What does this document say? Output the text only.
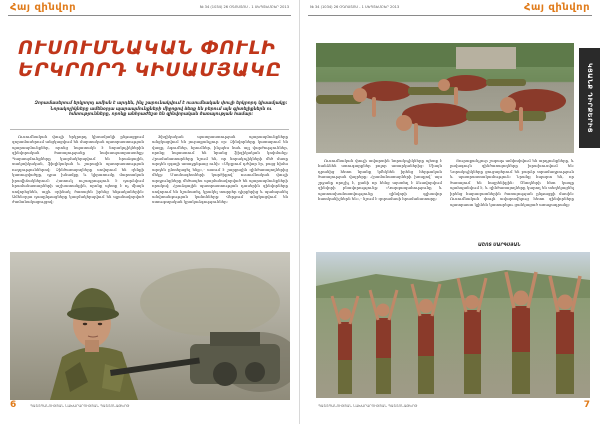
Հայ զինվոր	№ 34 (1034) 26 ՕԳՈՍՏՈՍ - 1 ՍԵՊՏԵՄԲԵՐ 2013
ՈՒՍՈՒՄՆԱԿԱՆ ՓՈՒԼԻ
ԵՐԿՐՈՐԴ ԿԻՍԱՄՅԱԿԸ
Զորամասերում երկրորդ ամիսն է արդեն, ինչ շարունակվում է ուսումնական փուլի երկրորդ կիսամյակը։ Նորակոչիկները ամենօրյա պարապմունքների միջոցով ձեռք են բերում այն գիտելիքներն ու հմտությունները, որոնք անհրաժեշտ են զինվորական ծառայության համար։

Ուսումնական փուլի երկրորդ կիսամյակի ընթացքում զորամասերում անցկացվում են մարտական պատրաստության պարապմունքներ, որոնց նպատակն է նորակոչիկներին զինվորական ծառայությանը նախապատրաստելը։ Պարապմունքները կազմակերպվում են հրաձգային, տակտիկական, ֆիզիկական և շարային պատրաստության ուղղություններով։ Զինծառայողները սովորում են զենքի կառուցվածքը, դրա խնամքը և կիրառումը մարտական իրավիճակներում։ Հատուկ ուշադրություն է դարձվում հրամանատարների աշխատանքին, որոնք պետք է ոչ միայն սովորեցնեն, այլև օրինակ ծառայեն իրենց ենթականերին։ Ամենօրյա դասընթացները կազմակերպվում են պլանավորված ժամանակացույցով։

Ֆիզիկական պատրաստության պարապմունքները անցկացվում են յուրաքանչյուր օր։ Զինվորները կատարում են վազք, ձգումներ, հրումներ, ինչպես նաև այլ վարժություններ, որոնք նպաստում են նրանց ֆիզիկական կոփմանը։ Հրամանատարները նշում են, որ նորակոչիկների մեծ մասը արդեն զգալի առաջընթաց ունի։ «Սկզբում դժվար էր, բայց հիմա արդեն ընտելացել ենք»,- ասում է շարքային զինծառայողներից մեկը։ Մասնագետների կարծիքով՝ ուսումնական փուլի արդյունքները մեծապես պայմանավորված են պարապմունքների որակով։ Հրաձգային պատրաստության դասերին զինվորները սովորում են նշանառել, կրակել տարբեր դիրքերից և պահպանել անվտանգության կանոնները։ Վերջում անցկացվում են ստուգողական կրակաձգություններ։

6	ՊԱՇՏՊԱՆՈՒԹՅԱՆ ՆԱԽԱՐԱՐՈՒԹՅԱՆ ՊԱՇՏՈՆԱԹԵՐԹ
№ 34 (1034) 26 ՕԳՈՍՏՈՍ - 1 ՍԵՊՏԵՄԲԵՐ 2013	Հայ զինվոր
ԿՅԱՆՔ ԴԻՐՔԵՐԻՑ

Ուսումնական փուլի ավարտին նորակոչիկները պետք է հանձնեն ստուգարքներ բոլոր առարկաներից։ Միայն դրանից հետո նրանք կմեկնեն իրենց հերթական ծառայության վայրերը։ Հրամանատարների խոսքով՝ այս շրջանը որոշիչ է, քանի որ հենց այստեղ է ձևավորվում զինվորի բնավորությունը։ «Կարգապահությունը և պատասխանատվությունը զինվորի գլխավոր հատկանիշներն են»,- նշում է զորամասի հրամանատարը։

Յուրաքանչյուր շաբաթ ամփոփվում են արդյունքները, և լավագույն զինծառայողները խրախուսվում են։ Նորակոչիկները ցուցաբերում են բարձր տրամադրություն և պատրաստակամություն։ Նրանք հպարտ են, որ ծառայում են հայրենիքին։ Ծնողների հետ կապը պահպանվում է, և զինծառայողները կարող են տեղեկացնել իրենց հարազատներին ծառայության ընթացքի մասին։ Ուսումնական փուլն ավարտվելուց հետո զինվորները պատրաստ կլինեն կատարելու ցանկացած առաջադրանք։

ԱՇՈՏ ՍԱՐԳՍՅԱՆ
ՊԱՇՏՊԱՆՈՒԹՅԱՆ ՆԱԽԱՐԱՐՈՒԹՅԱՆ ՊԱՇՏՈՆԱԹԵՐԹ	7
